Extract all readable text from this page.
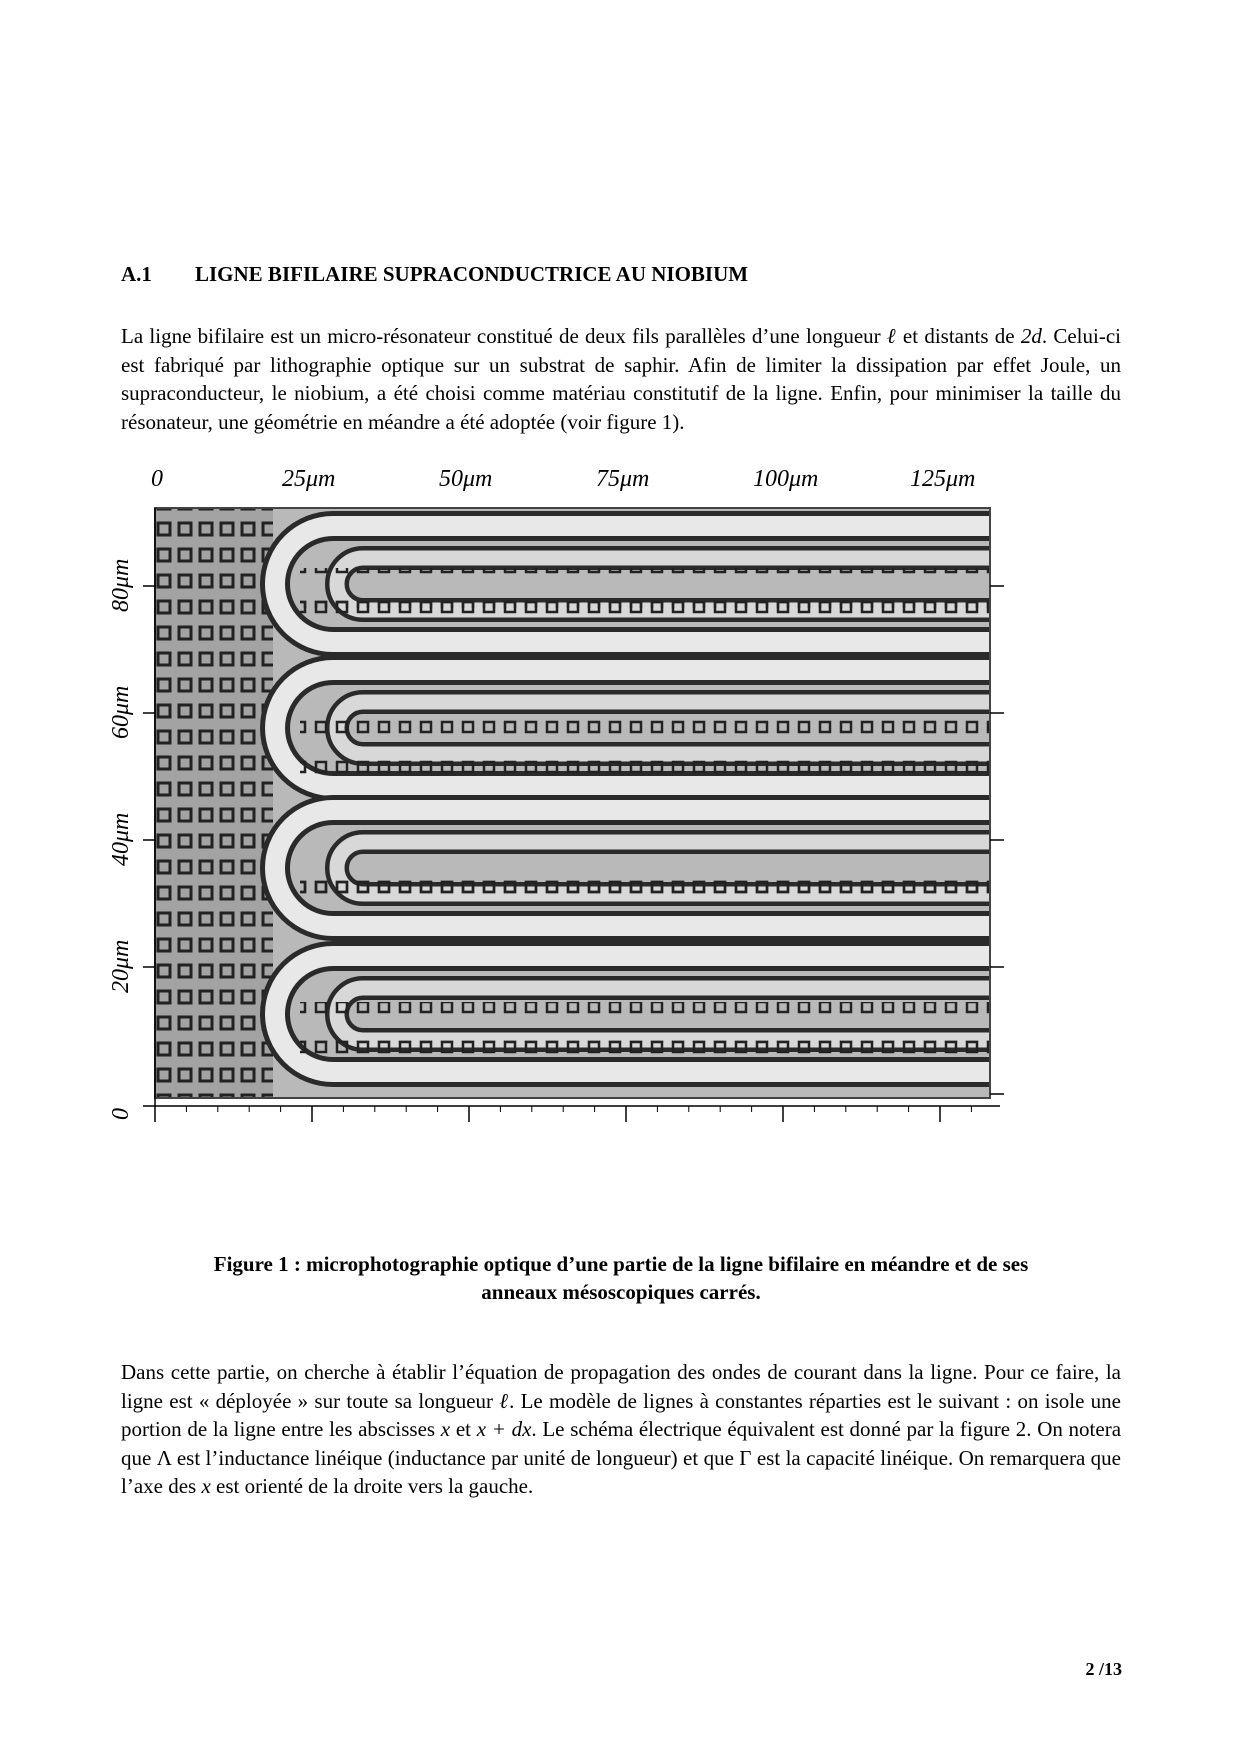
A.1 LIGNE BIFILAIRE SUPRACONDUCTRICE AU NIOBIUM
La ligne bifilaire est un micro-résonateur constitué de deux fils parallèles d’une longueur ℓ et distants de 2d. Celui-ci est fabriqué par lithographie optique sur un substrat de saphir. Afin de limiter la dissipation par effet Joule, un supraconducteur, le niobium, a été choisi comme matériau constitutif de la ligne. Enfin, pour minimiser la taille du résonateur, une géométrie en méandre a été adoptée (voir figure 1).
0	25μm	50μm	75μm	100μm	125μm
0
20μm
40μm
60μm
80μm
Figure 1 : microphotographie optique d’une partie de la ligne bifilaire en méandre et de ses
anneaux mésoscopiques carrés.
Dans cette partie, on cherche à établir l’équation de propagation des ondes de courant dans la ligne. Pour ce faire, la ligne est « déployée » sur toute sa longueur ℓ. Le modèle de lignes à constantes réparties est le suivant : on isole une portion de la ligne entre les abscisses x et x + dx. Le schéma électrique équivalent est donné par la figure 2. On notera que Λ est l’inductance linéique (inductance par unité de longueur) et que Γ est la capacité linéique. On remarquera que l’axe des x est orienté de la droite vers la gauche.
2 /13
